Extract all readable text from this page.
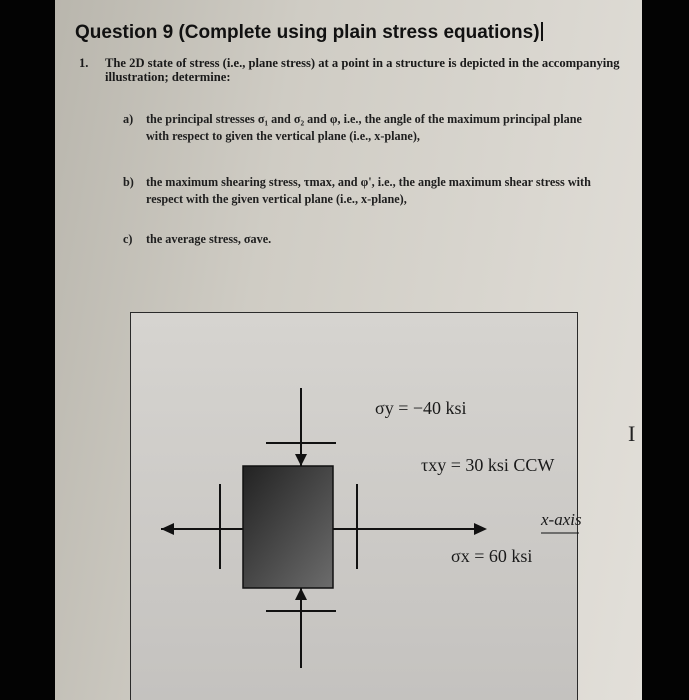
Question 9 (Complete using plain stress equations)
1. The 2D state of stress (i.e., plane stress) at a point in a structure is depicted in the accompanying illustration; determine:
a) the principal stresses σ₁ and σ₂ and φ, i.e., the angle of the maximum principal plane with respect to given the vertical plane (i.e., x-plane),
b) the maximum shearing stress, τmax, and φ', i.e., the angle maximum shear stress with respect with the given vertical plane (i.e., x-plane),
c) the average stress, σave.
σy = −40 ksi
τxy = 30 ksi CCW
x-axis
σx = 60 ksi
I
